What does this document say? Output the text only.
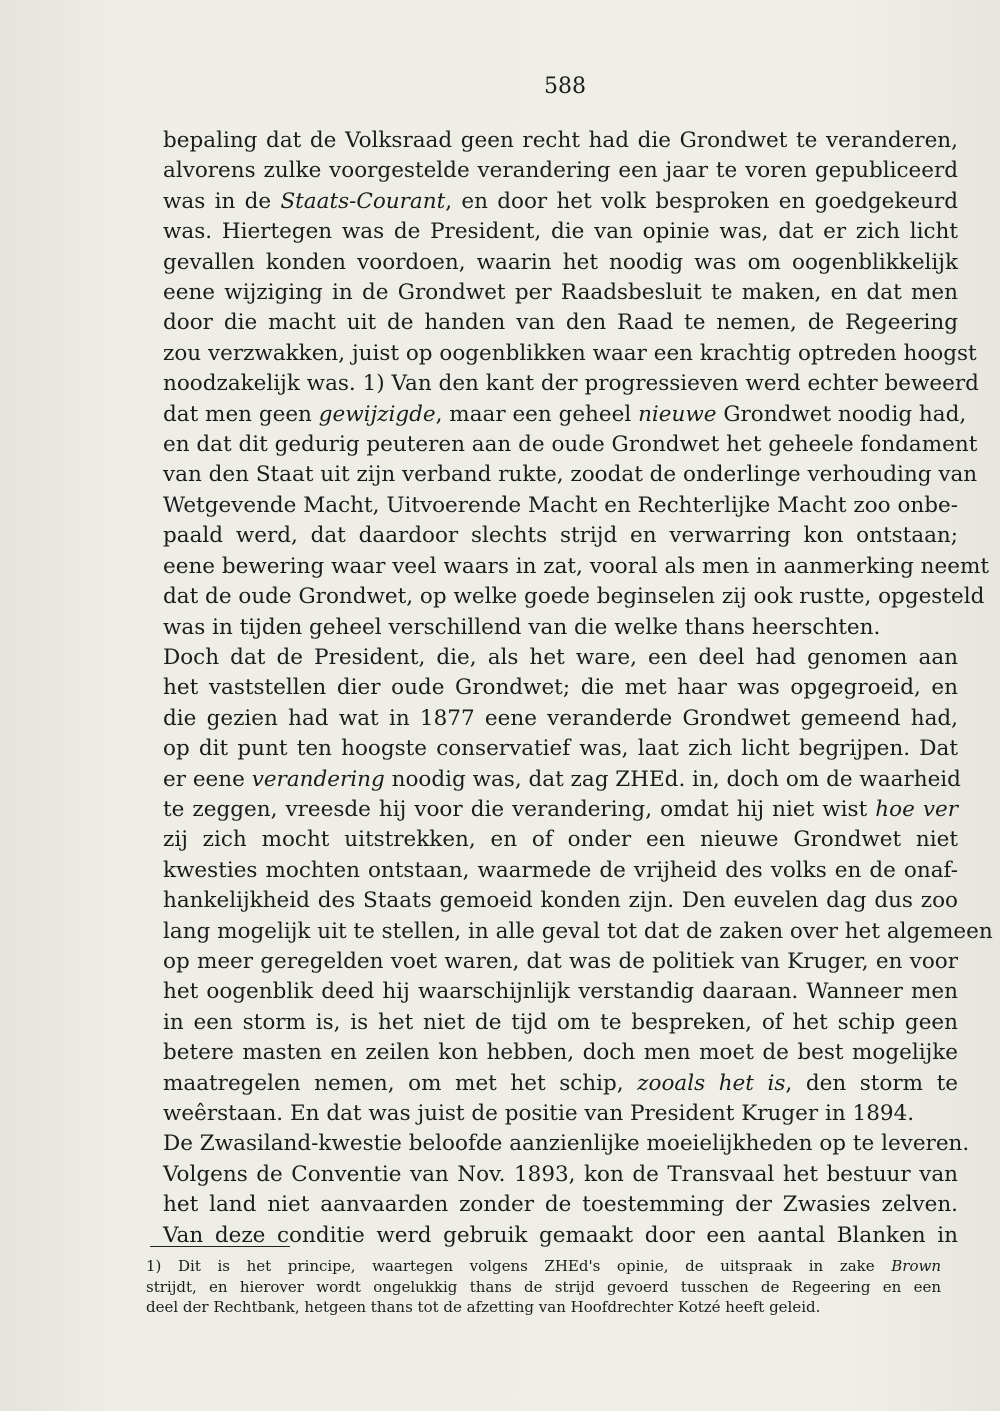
588

bepaling dat de Volksraad geen recht had die Grondwet te veranderen,
alvorens zulke voorgestelde verandering een jaar te voren gepubliceerd
was in de Staats-Courant, en door het volk besproken en goedgekeurd
was. Hiertegen was de President, die van opinie was, dat er zich licht
gevallen konden voordoen, waarin het noodig was om oogenblikkelijk
eene wijziging in de Grondwet per Raadsbesluit te maken, en dat men
door die macht uit de handen van den Raad te nemen, de Regeering
zou verzwakken, juist op oogenblikken waar een krachtig optreden hoogst
noodzakelijk was. 1) Van den kant der progressieven werd echter beweerd
dat men geen gewijzigde, maar een geheel nieuwe Grondwet noodig had,
en dat dit gedurig peuteren aan de oude Grondwet het geheele fondament
van den Staat uit zijn verband rukte, zoodat de onderlinge verhouding van
Wetgevende Macht, Uitvoerende Macht en Rechterlijke Macht zoo onbe-
paald werd, dat daardoor slechts strijd en verwarring kon ontstaan;
eene bewering waar veel waars in zat, vooral als men in aanmerking neemt
dat de oude Grondwet, op welke goede beginselen zij ook rustte, opgesteld
was in tijden geheel verschillend van die welke thans heerschten.

Doch dat de President, die, als het ware, een deel had genomen aan
het vaststellen dier oude Grondwet; die met haar was opgegroeid, en
die gezien had wat in 1877 eene veranderde Grondwet gemeend had,
op dit punt ten hoogste conservatief was, laat zich licht begrijpen. Dat
er eene verandering noodig was, dat zag ZHEd. in, doch om de waarheid
te zeggen, vreesde hij voor die verandering, omdat hij niet wist hoe ver
zij zich mocht uitstrekken, en of onder een nieuwe Grondwet niet
kwesties mochten ontstaan, waarmede de vrijheid des volks en de onaf-
hankelijkheid des Staats gemoeid konden zijn. Den euvelen dag dus zoo
lang mogelijk uit te stellen, in alle geval tot dat de zaken over het algemeen
op meer geregelden voet waren, dat was de politiek van Kruger, en voor
het oogenblik deed hij waarschijnlijk verstandig daaraan. Wanneer men
in een storm is, is het niet de tijd om te bespreken, of het schip geen
betere masten en zeilen kon hebben, doch men moet de best mogelijke
maatregelen nemen, om met het schip, zooals het is, den storm te
weêrstaan. En dat was juist de positie van President Kruger in 1894.

De Zwasiland-kwestie beloofde aanzienlijke moeielijkheden op te leveren.
Volgens de Conventie van Nov. 1893, kon de Transvaal het bestuur van
het land niet aanvaarden zonder de toestemming der Zwasies zelven.
Van deze conditie werd gebruik gemaakt door een aantal Blanken in

1) Dit is het principe, waartegen volgens ZHEd's opinie, de uitspraak in zake Brown
strijdt, en hierover wordt ongelukkig thans de strijd gevoerd tusschen de Regeering en een
deel der Rechtbank, hetgeen thans tot de afzetting van Hoofdrechter Kotzé heeft geleid.
